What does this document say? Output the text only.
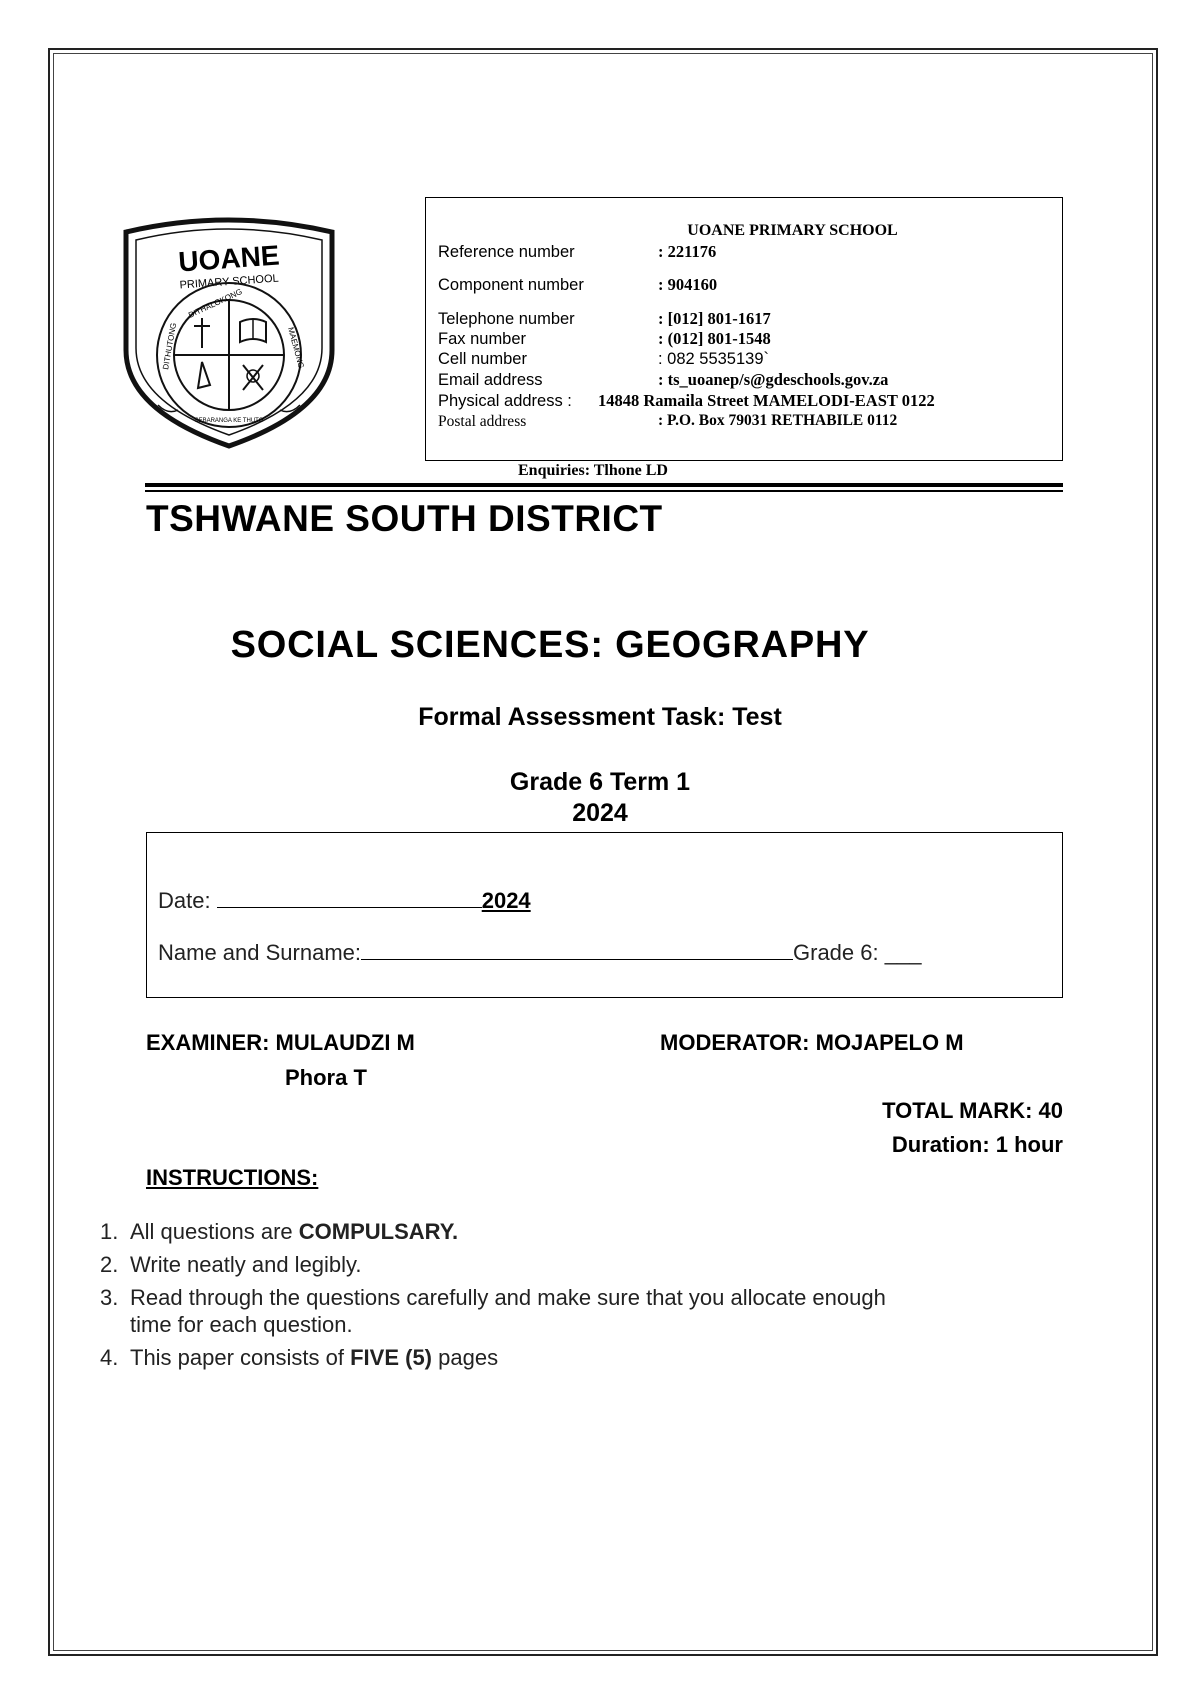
UOANE
PRIMARY SCHOOL
DITHALOKONG
DITHUTONG	MAEMONG
SEBARANGA KE THUTO
UOANE PRIMARY SCHOOL
Reference number	: 221176
Component number	: 904160
Telephone number	: [012] 801-1617
Fax number	: (012] 801-1548
Cell number	: 082 5535139`
Email address	: ts_uoanep/s@gdeschools.gov.za
Physical address : 14848 Ramaila Street MAMELODI-EAST 0122
Postal address	: P.O. Box 79031 RETHABILE 0112
Enquiries: Tlhone LD
TSHWANE SOUTH DISTRICT
SOCIAL SCIENCES: GEOGRAPHY
Formal Assessment Task: Test
Grade 6 Term 1
2024
Date:	2024
Name and Surname:	Grade 6: ___
EXAMINER: MULAUDZI M
Phora T
MODERATOR: MOJAPELO M
TOTAL MARK: 40
Duration: 1 hour
INSTRUCTIONS:
1. All questions are COMPULSARY.
2. Write neatly and legibly.
3. Read through the questions carefully and make sure that you allocate enough time for each question.
4. This paper consists of FIVE (5) pages
